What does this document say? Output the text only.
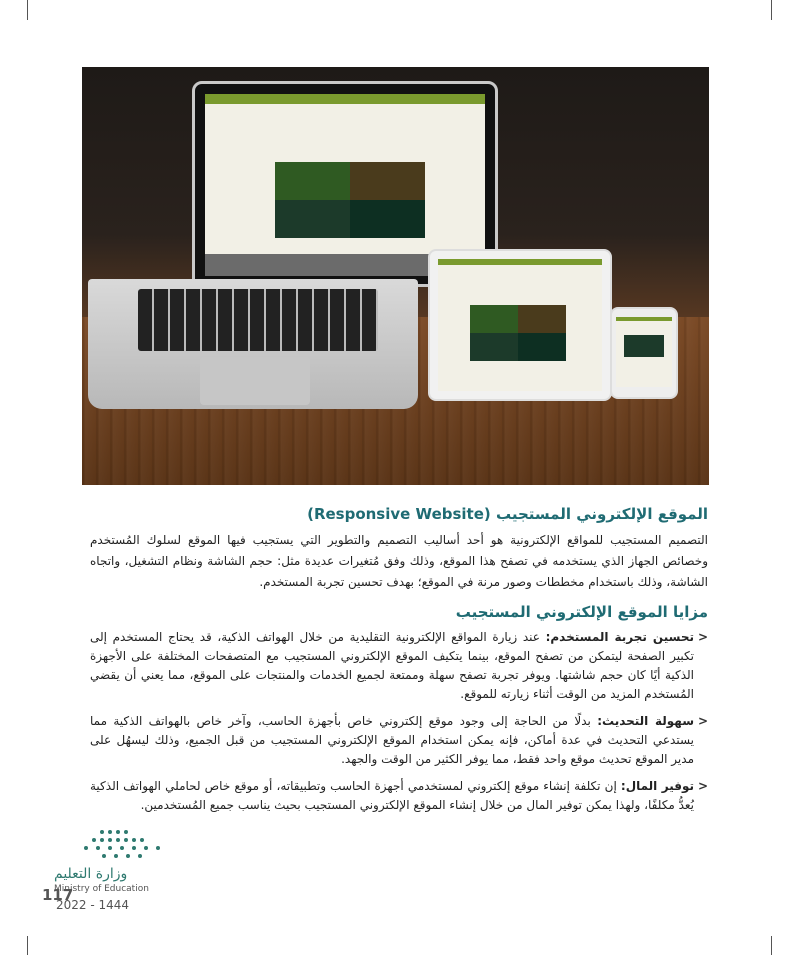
الموقع الإلكتروني المستجيب (Responsive Website)
التصميم المستجيب للمواقع الإلكترونية هو أحد أساليب التصميم والتطوير التي يستجيب فيها الموقع لسلوك المُستخدم وخصائص الجهاز الذي يستخدمه في تصفح هذا الموقع، وذلك وفق مُتغيرات عديدة مثل: حجم الشاشة ونظام التشغيل، واتجاه الشاشة، وذلك باستخدام مخططات وصور مرنة في الموقع؛ بهدف تحسين تجربة المستخدم.
مزايا الموقع الإلكتروني المستجيب
<
تحسين تجربة المستخدم: عند زيارة المواقع الإلكترونية التقليدية من خلال الهواتف الذكية، قد يحتاج المستخدم إلى تكبير الصفحة ليتمكن من تصفح الموقع، بينما يتكيف الموقع الإلكتروني المستجيب مع المتصفحات المختلفة على الأجهزة الذكية أيًا كان حجم شاشتها. ويوفر تجربة تصفح سهلة وممتعة لجميع الخدمات والمنتجات على الموقع، مما يعني أن يقضي المُستخدم المزيد من الوقت أثناء زيارته للموقع.
<
سهولة التحديث: بدلًا من الحاجة إلى وجود موقع إلكتروني خاص بأجهزة الحاسب، وآخر خاص بالهواتف الذكية مما يستدعي التحديث في عدة أماكن، فإنه يمكن استخدام الموقع الإلكتروني المستجيب من قبل الجميع، وذلك ليسهُل على مدير الموقع تحديث موقع واحد فقط، مما يوفر الكثير من الوقت والجهد.
<
توفير المال: إن تكلفة إنشاء موقع إلكتروني لمستخدمي أجهزة الحاسب وتطبيقاته، أو موقع خاص لحاملي الهواتف الذكية يُعدُّ مكلفًا، ولهذا يمكن توفير المال من خلال إنشاء الموقع الإلكتروني المستجيب بحيث يناسب جميع المُستخدمين.
وزارة التعليم
Ministry of Education
117
2022 - 1444
